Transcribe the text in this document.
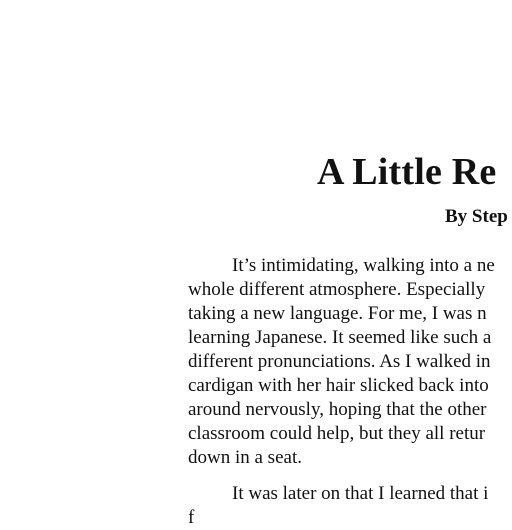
A Little Re
By Step

It’s intimidating, walking into a ne

whole different atmosphere. Especially

taking a new language. For me, I was n

learning Japanese. It seemed like such a

different pronunciations. As I walked in

cardigan with her hair slicked back into

around nervously, hoping that the other

classroom could help, but they all retur

down in a seat.

It was later on that I learned that i

f
